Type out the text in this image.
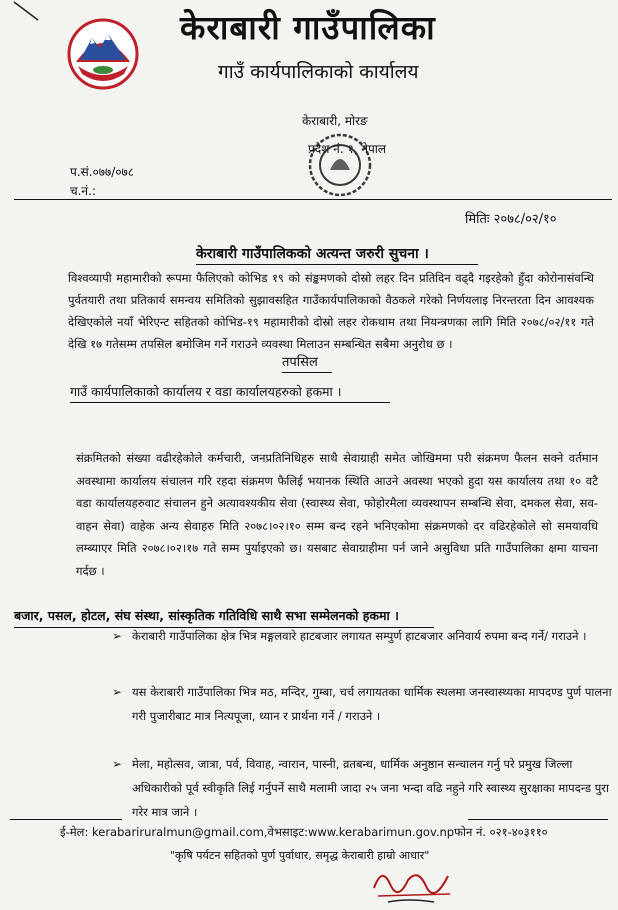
केराबारी गाउँपालिका
गाउँ कार्यपालिकाको कार्यालय
केराबारी, मोरङ
प्रदेश नं. १, नेपाल
प.सं.०७७/०७८
च.नं.:
मितिः २०७८/०२/१०
केराबारी गाउँपालिकको अत्यन्त जरुरी सुचना ।
विश्वव्यापी महामारीको रूपमा फैलिएको कोभिड १९ को संङ्कमणको दोस्रो लहर दिन प्रतिदिन वढ्दै गइरहेको हुँदा कोरोनासंवन्धि पुर्वतयारी तथा प्रतिकार्य समन्वय समितिको सुझावसहित गाउँकार्यपालिकाको वैठकले गरेको निर्णयलाइ निरन्तरता दिन आवश्यक देखिएकोले नयाँ भेरिएन्ट सहितको कोभिड-१९ महामारीको दोस्रो लहर रोकथाम तथा नियन्त्रणका लागि मिति २०७८/०२/११ गते देखि १७ गतेसम्म तपसिल बमोजिम गर्ने गराउने व्यवस्था मिलाउन सम्बन्धित सबैमा अनुरोध छ ।
तपसिल
गाउँ कार्यपालिकाको कार्यालय र वडा कार्यालयहरुको हकमा ।
संक्रमितको संख्या वढीरहेकोले कर्मचारी, जनप्रतिनिधिहरु साथै सेवाग्राही समेत जोखिममा परी संक्रमण फैलन सक्ने वर्तमान अवस्थामा कार्यालय संचालन गरि रहदा संक्रमण फैलिई भयानक स्थिति आउने अवस्था भएको हुदा यस कार्यालय तथा १० वटै वडा कार्यालयहरुवाट संचालन हुने अत्यावश्यकीय सेवा (स्वास्थ्य सेवा, फोहोरमैला व्यवस्थापन सम्बन्धि सेवा, दमकल सेवा, सव-वाहन सेवा) वाहेक अन्य सेवाहरु मिति २०७८।०२।१० सम्म बन्द रहने भनिएकोमा संक्रमणको दर वढिरहेकोले सो समयावधि लम्ब्याएर मिति २०७८।०२।१७ गते सम्म पुर्याइएको छ। यसबाट सेवाग्राहीमा पर्न जाने असुविधा प्रति गाउँपालिका क्षमा याचना गर्दछ ।
बजार, पसल, होटल, संघ संस्था, सांस्कृतिक गतिविधि साथै सभा सम्मेलनको हकमा ।
➢ केराबारी गाउँपालिका क्षेत्र भित्र मङ्गलवारे हाटबजार लगायत सम्पुर्ण हाटबजार अनिवार्य रुपमा बन्द गर्ने/ गराउने ।
➢ यस केराबारी गाउँपालिका भित्र मठ, मन्दिर, गुम्बा, चर्च लगायतका धार्मिक स्थलमा जनस्वास्थ्यका मापदण्ड पुर्ण पालना गरी पुजारीबाट मात्र नित्यपूजा, ध्यान र प्रार्थना गर्ने / गराउने ।
➢ मेला, महोत्सव, जात्रा, पर्व, विवाह, न्वारान, पास्नी, व्रतबन्ध, धार्मिक अनुष्ठान सन्चालन गर्नु परे प्रमुख जिल्ला अधिकारीको पूर्व स्वीकृति लिई गर्नुपर्ने साथै मलामी जादा २५ जना भन्दा वढि नहुने गरि स्वास्थ्य सुरक्षाका मापदन्ड पुरा गरेर मात्र जाने ।
ई-मेल: kerabariruralmun@gmail.com,वेभसाइट:www.kerabarimun.gov.npफोन नं. ०२१-४०३११०
"कृषि पर्यटन सहितको पुर्ण पुर्वाधार, समृद्ध केराबारी हाम्रो आधार"
